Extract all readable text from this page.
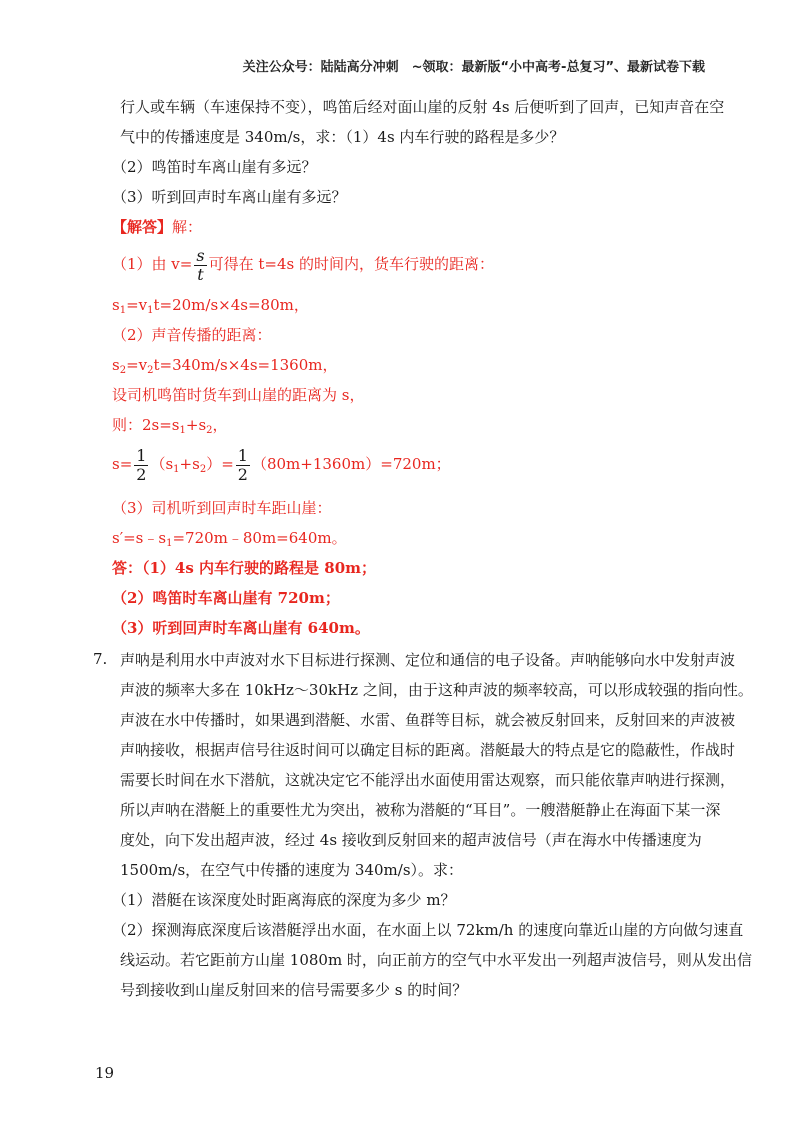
关注公众号：陆陆高分冲刺　~领取：最新版“小中高考-总复习”、最新试卷下载
行人或车辆（车速保持不变），鸣笛后经对面山崖的反射 4s 后便听到了回声，已知声音在空
气中的传播速度是 340m/s，求：（1）4s 内车行驶的路程是多少？
（2）鸣笛时车离山崖有多远？
（3）听到回声时车离山崖有多远？
【解答】解：
（1）由 $v= \frac{s}{t}$ 可得在 t=4s 的时间内，货车行驶的距离：
$s_1=v_1t=20m/s\times 4s=80m$，
（2）声音传播的距离：
$s_2=v_2t=340m/s\times 4s=1360m$，
设司机鸣笛时货车到山崖的距离为 s，
则：$2s=s_1+s_2$，
$s= \frac{1}{2} (s_1+s_2)= \frac{1}{2} (80m+1360m)=720m$；
（3）司机听到回声时车距山崖：
$s'=s﹣s_1=720m﹣80m=640m$。
答：（1）4s 内车行驶的路程是 80m；
（2）鸣笛时车离山崖有 720m；
（3）听到回声时车离山崖有 640m。
7. 声呐是利用水中声波对水下目标进行探测、定位和通信的电子设备。声呐能够向水中发射声波
声波的频率大多在 10kHz～30kHz 之间，由于这种声波的频率较高，可以形成较强的指向性。
声波在水中传播时，如果遇到潜艇、水雷、鱼群等目标，就会被反射回来，反射回来的声波被
声呐接收，根据声信号往返时间可以确定目标的距离。潜艇最大的特点是它的隐蔽性，作战时
需要长时间在水下潜航，这就决定它不能浮出水面使用雷达观察，而只能依靠声呐进行探测，
所以声呐在潜艇上的重要性尤为突出，被称为潜艇的“耳目”。一艘潜艇静止在海面下某一深
度处，向下发出超声波，经过 4s 接收到反射回来的超声波信号（声在海水中传播速度为
1500m/s，在空气中传播的速度为 340m/s）。求：
（1）潜艇在该深度处时距离海底的深度为多少 m？
（2）探测海底深度后该潜艇浮出水面，在水面上以 72km/h 的速度向靠近山崖的方向做匀速直
线运动。若它距前方山崖 1080m 时，向正前方的空气中水平发出一列超声波信号，则从发出信
号到接收到山崖反射回来的信号需要多少 s 的时间？
19
